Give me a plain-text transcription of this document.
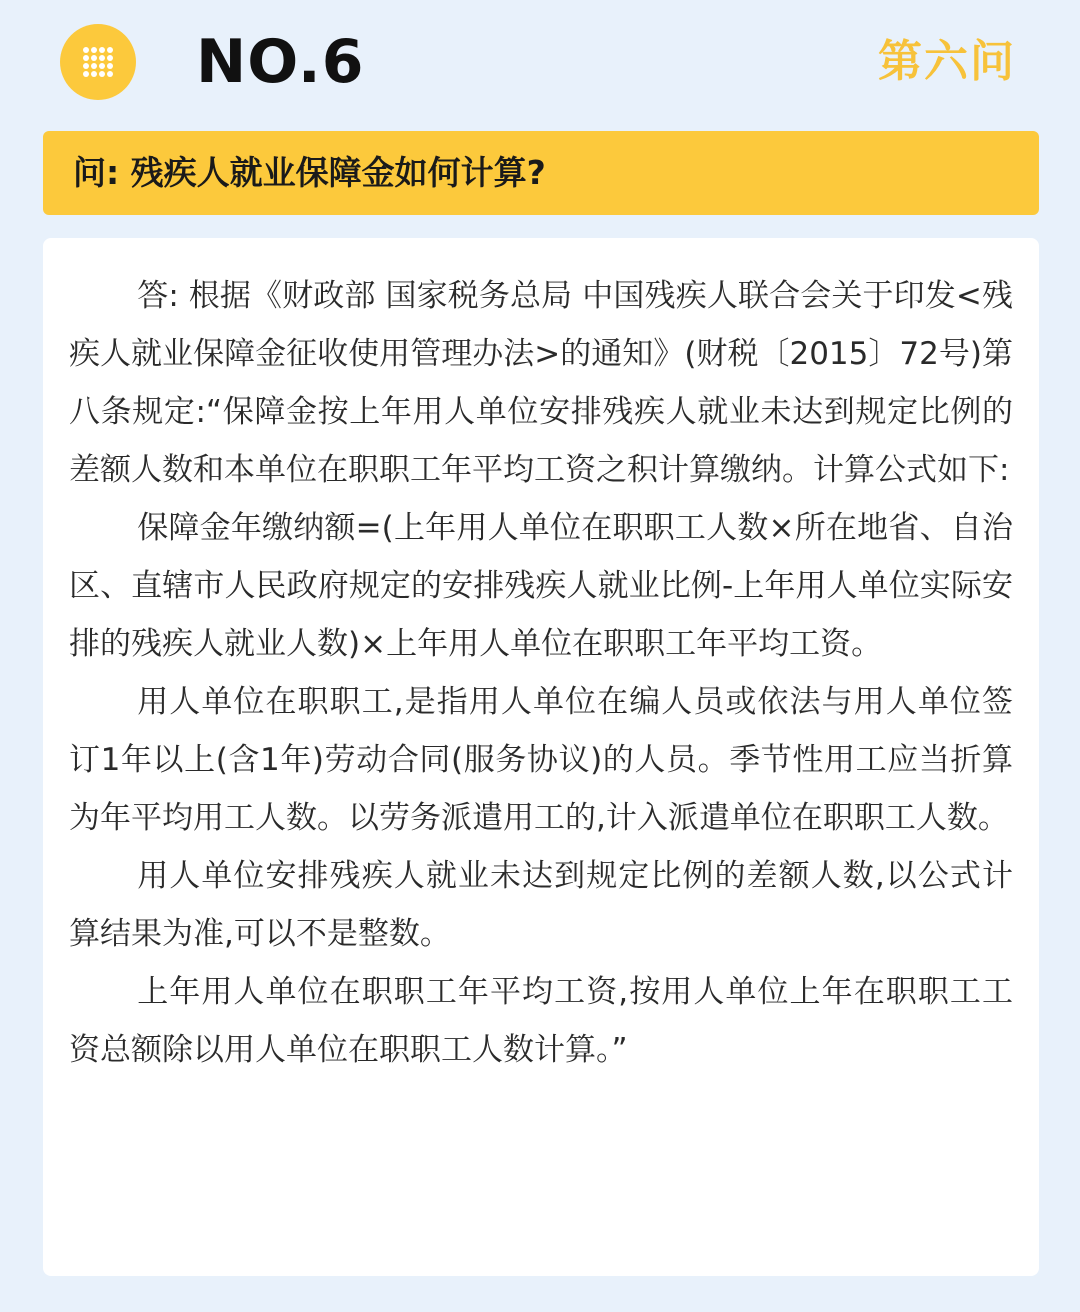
NO.6	第六问
问: 残疾人就业保障金如何计算?

答: 根据《财政部 国家税务总局 中国残疾人联合会关于印发<残疾人就业保障金征收使用管理办法>的通知》(财税〔2015〕72号)第八条规定:“保障金按上年用人单位安排残疾人就业未达到规定比例的差额人数和本单位在职职工年平均工资之积计算缴纳。计算公式如下:

保障金年缴纳额=(上年用人单位在职职工人数×所在地省、自治区、直辖市人民政府规定的安排残疾人就业比例-上年用人单位实际安排的残疾人就业人数)×上年用人单位在职职工年平均工资。

用人单位在职职工,是指用人单位在编人员或依法与用人单位签订1年以上(含1年)劳动合同(服务协议)的人员。季节性用工应当折算为年平均用工人数。以劳务派遣用工的,计入派遣单位在职职工人数。

用人单位安排残疾人就业未达到规定比例的差额人数,以公式计算结果为准,可以不是整数。

上年用人单位在职职工年平均工资,按用人单位上年在职职工工资总额除以用人单位在职职工人数计算。”
